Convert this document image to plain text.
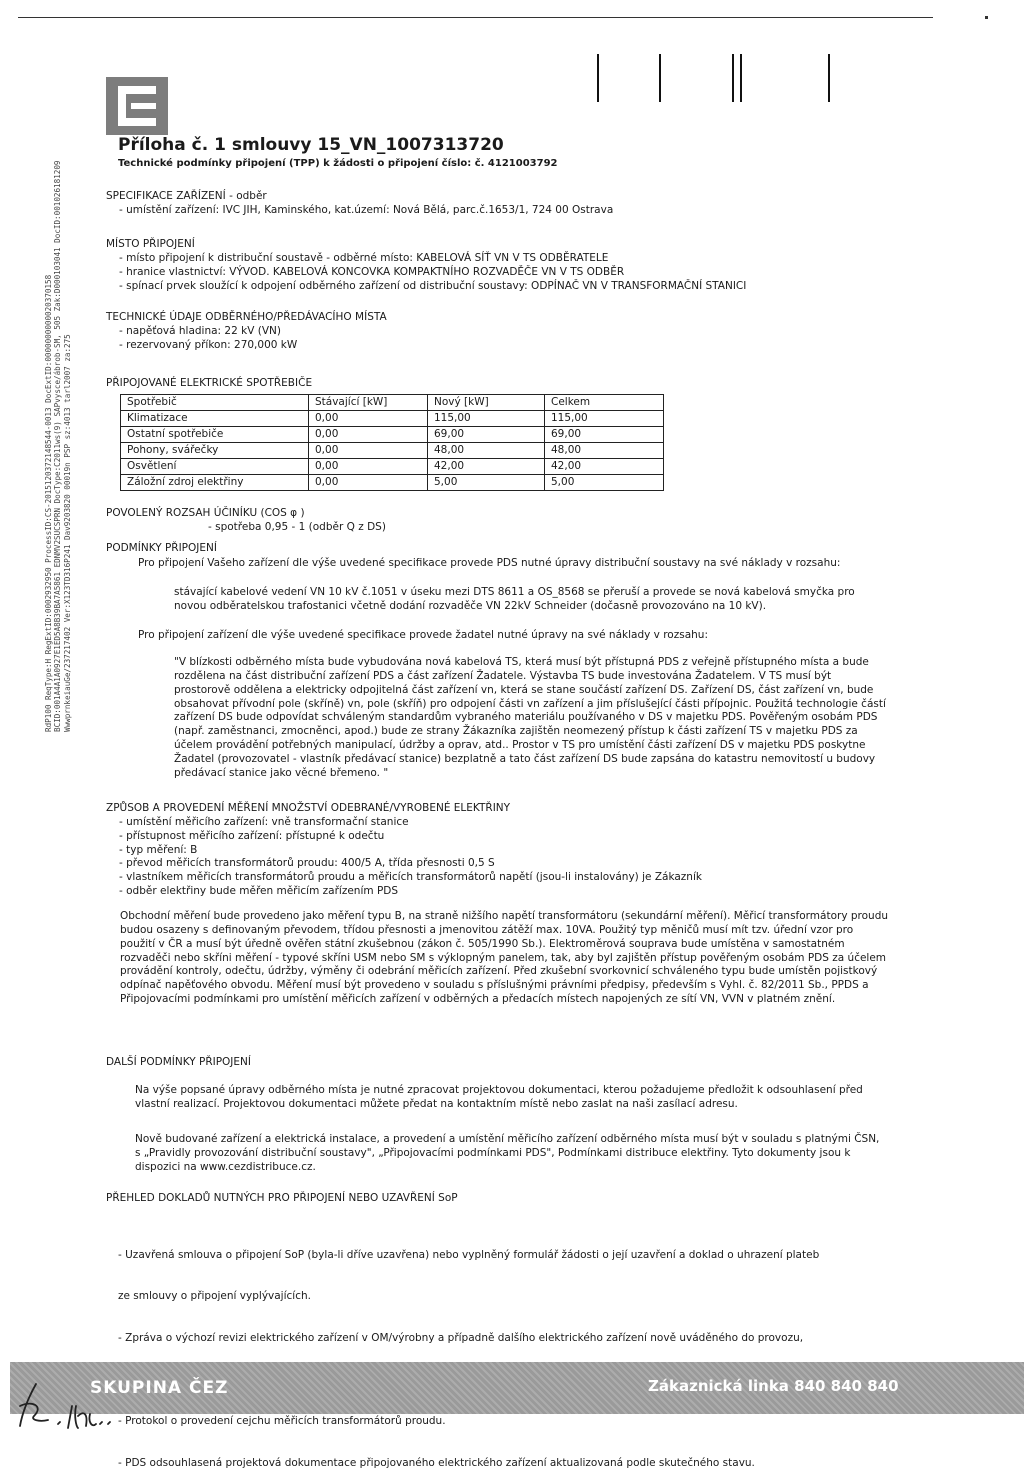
RdP100 ReqType:H RegExtID:0002932950 ProcessID:CS-2015120372148544-0013 DocExtID:0000000000020370158 BCID:001A4A1A0927E1ED5A8B39BA7A5861 EDNMV2SUCSPRN DocType:C2011ws(9) SAPvysce/ábrob-SM, 505 Zak:D000103041 DocID:001026181209 WwwprnkeiauGe/237217402 Ver:X123TD316P241 Dav9203820 00019n PSP sz:4013 tarl2007 za:275
Příloha č. 1 smlouvy 15_VN_1007313720
Technické podmínky připojení (TPP) k žádosti o připojení číslo: č. 4121003792
SPECIFIKACE ZAŘÍZENÍ - odběr
- umístění zařízení: IVC JIH, Kaminského, kat.území: Nová Bělá, parc.č.1653/1, 724 00 Ostrava
MÍSTO PŘIPOJENÍ
- místo připojení k distribuční soustavě - odběrné místo: KABELOVÁ SÍŤ VN V TS ODBĚRATELE
- hranice vlastnictví: VÝVOD. KABELOVÁ KONCOVKA KOMPAKTNÍHO ROZVADĚČE VN V TS ODBĚR
- spínací prvek sloužící k odpojení odběrného zařízení od distribuční soustavy: ODPÍNAČ VN V TRANSFORMAČNÍ STANICI
TECHNICKÉ ÚDAJE ODBĚRNÉHO/PŘEDÁVACÍHO MÍSTA
- napěťová hladina: 22 kV (VN)
- rezervovaný příkon: 270,000 kW
PŘIPOJOVANÉ ELEKTRICKÉ SPOTŘEBIČE
Spotřebič	Stávající [kW]	Nový [kW]	Celkem
Klimatizace	0,00	115,00	115,00
Ostatní spotřebiče	0,00	69,00	69,00
Pohony, svářečky	0,00	48,00	48,00
Osvětlení	0,00	42,00	42,00
Záložní zdroj elektřiny	0,00	5,00	5,00
POVOLENÝ ROZSAH ÚČINÍKU (COS φ )
- spotřeba 0,95 - 1 (odběr Q z DS)
PODMÍNKY PŘIPOJENÍ
Pro připojení Vašeho zařízení dle výše uvedené specifikace provede PDS nutné úpravy distribuční soustavy na své náklady v rozsahu:
stávající kabelové vedení VN 10 kV č.1051 v úseku mezi DTS 8611 a OS_8568 se přeruší a provede se nová kabelová smyčka pro novou odběratelskou trafostanici včetně dodání rozvaděče VN 22kV Schneider (dočasně provozováno na 10 kV).
Pro připojení zařízení dle výše uvedené specifikace provede žadatel nutné úpravy na své náklady v rozsahu:
"V blízkosti odběrného místa bude vybudována nová kabelová TS, která musí být přístupná PDS z veřejně přístupného místa a bude rozdělena na část distribuční zařízení PDS a část zařízení Žadatele. Výstavba TS bude investována Žadatelem. V TS musí být prostorově oddělena a elektricky odpojitelná část zařízení vn, která se stane součástí zařízení DS. Zařízení DS, část zařízení vn, bude obsahovat přívodní pole (skříně) vn, pole (skříň) pro odpojení části vn zařízení a jim příslušející části přípojnic. Použitá technologie částí zařízení DS bude odpovídat schváleným standardům vybraného materiálu používaného v DS v majetku PDS. Pověřeným osobám PDS (např. zaměstnanci, zmocněnci, apod.) bude ze strany Žákazníka zajištěn neomezený přístup k části zařízení TS v majetku PDS za účelem provádění potřebných manipulací, údržby a oprav, atd.. Prostor v TS pro umístění části zařízení DS v majetku PDS poskytne Žadatel (provozovatel - vlastník předávací stanice) bezplatně a tato část zařízení DS bude zapsána do katastru nemovitostí u budovy předávací stanice jako věcné břemeno. "
ZPŮSOB A PROVEDENÍ MĚŘENÍ MNOŽSTVÍ ODEBRANÉ/VYROBENÉ ELEKTŘINY
- umístění měřicího zařízení: vně transformační stanice
- přístupnost měřicího zařízení: přístupné k odečtu
- typ měření: B
- převod měřicích transformátorů proudu: 400/5 A, třída přesnosti 0,5 S
- vlastníkem měřicích transformátorů proudu a měřicích transformátorů napětí (jsou-li instalovány) je Zákazník
- odběr elektřiny bude měřen měřicím zařízením PDS
Obchodní měření bude provedeno jako měření typu B, na straně nižšího napětí transformátoru (sekundární měření). Měřicí transformátory proudu budou osazeny s definovaným převodem, třídou přesnosti a jmenovitou zátěží max. 10VA. Použitý typ měničů musí mít tzv. úřední vzor pro použití v ČR a musí být úředně ověřen státní zkušebnou (zákon č. 505/1990 Sb.). Elektroměrová souprava bude umístěna v samostatném rozvaděči nebo skříni měření - typové skříni USM nebo SM s výklopným panelem, tak, aby byl zajištěn přístup pověřeným osobám PDS za účelem provádění kontroly, odečtu, údržby, výměny či odebrání měřicích zařízení. Před zkušební svorkovnicí schváleného typu bude umístěn pojistkový odpínač napěťového obvodu. Měření musí být provedeno v souladu s příslušnými právními předpisy, především s Vyhl. č. 82/2011 Sb., PPDS a Připojovacími podmínkami pro umístění měřicích zařízení v odběrných a předacích místech napojených ze sítí VN, VVN v platném znění.
DALŠÍ PODMÍNKY PŘIPOJENÍ
Na výše popsané úpravy odběrného místa je nutné zpracovat projektovou dokumentaci, kterou požadujeme předložit k odsouhlasení před vlastní realizací. Projektovou dokumentaci můžete předat na kontaktním místě nebo zaslat na naši zasílací adresu.
Nově budované zařízení a elektrická instalace, a provedení a umístění měřicího zařízení odběrného místa musí být v souladu s platnými ČSN, s „Pravidly provozování distribuční soustavy", „Připojovacími podmínkami PDS", Podmínkami distribuce elektřiny. Tyto dokumenty jsou k dispozici na www.cezdistribuce.cz.
PŘEHLED DOKLADŮ NUTNÝCH PRO PŘIPOJENÍ NEBO UZAVŘENÍ SoP

- Uzavřená smlouva o připojení SoP (byla-li dříve uzavřena) nebo vyplněný formulář žádosti o její uzavření a doklad o uhrazení plateb

ze smlouvy o připojení vyplývajících.

- Zpráva o výchozí revizi elektrického zařízení v OM/výrobny a případně dalšího elektrického zařízení nově uváděného do provozu,

- Protokol o provedení cejchu měřicích transformátorů proudu.

- PDS odsouhlasená projektová dokumentace připojovaného elektrického zařízení aktualizovaná podle skutečného stavu.

SKUPINA ČEZ	Zákaznická linka 840 840 840
